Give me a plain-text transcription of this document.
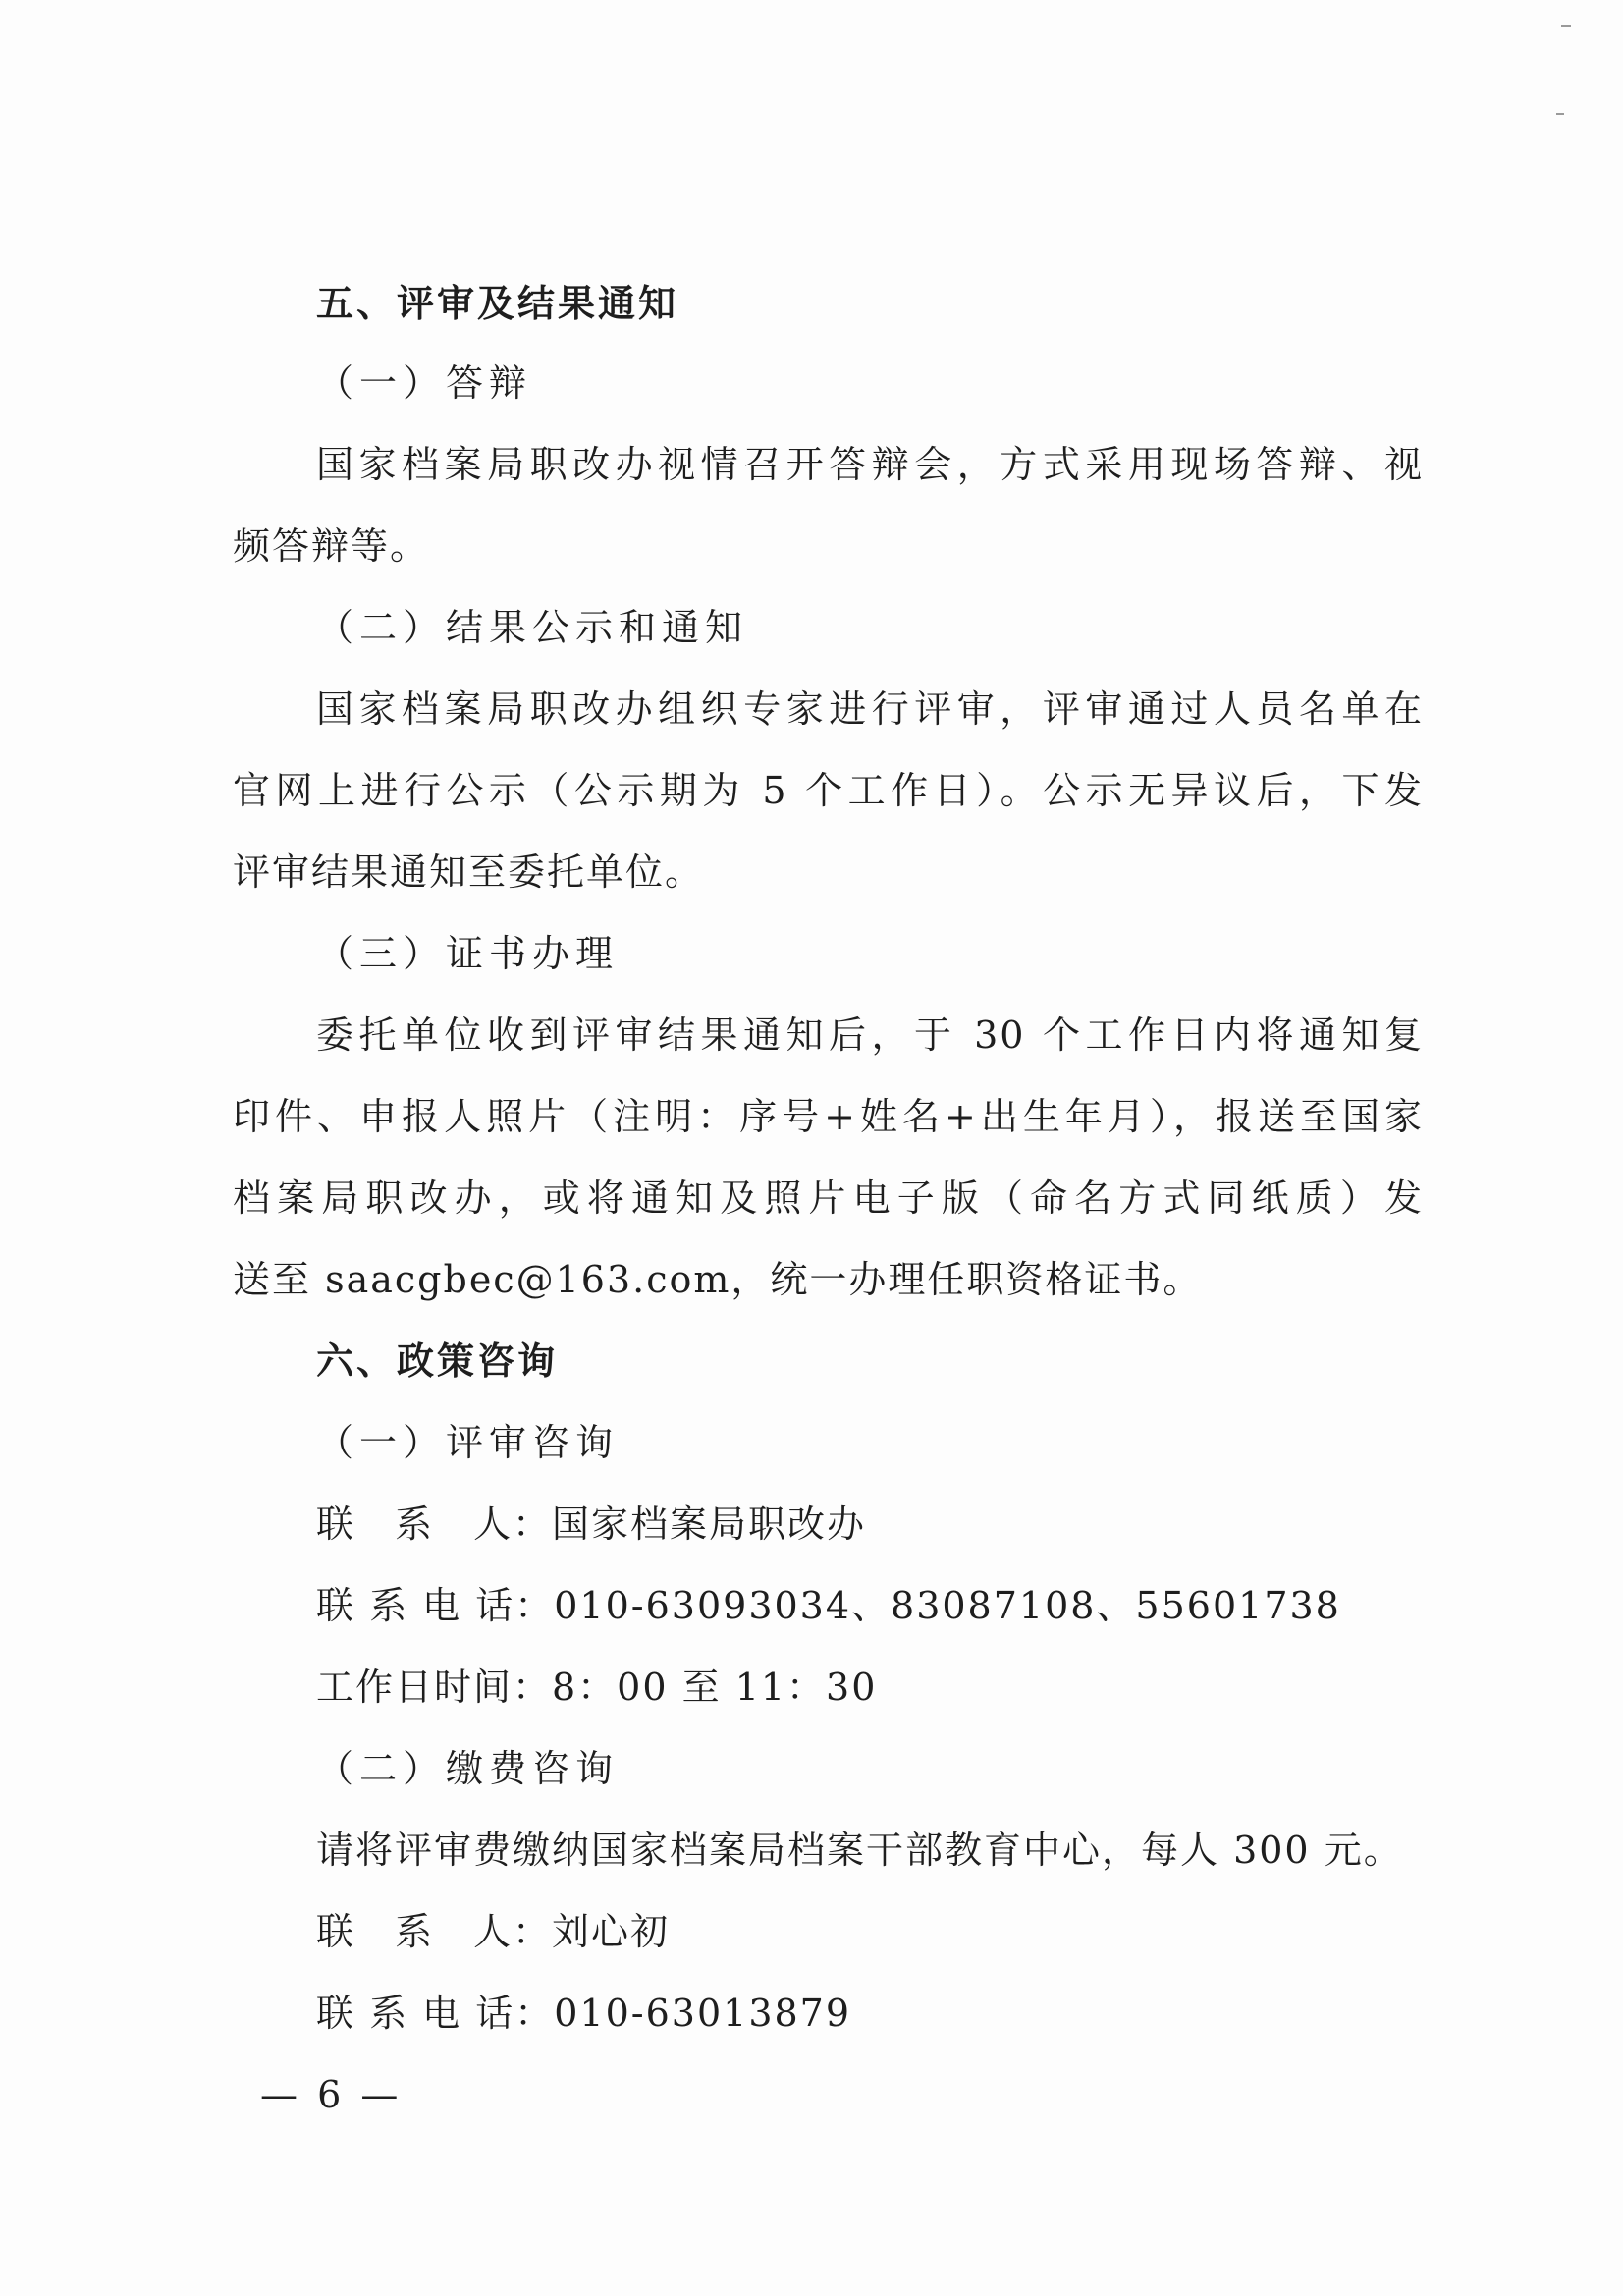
五、评审及结果通知
（一）答辩
国家档案局职改办视情召开答辩会，方式采用现场答辩、视
频答辩等。
（二）结果公示和通知
国家档案局职改办组织专家进行评审，评审通过人员名单在
官网上进行公示（公示期为 5 个工作日）。公示无异议后，下发
评审结果通知至委托单位。
（三）证书办理
委托单位收到评审结果通知后，于 30 个工作日内将通知复
印件、申报人照片（注明：序号+姓名+出生年月），报送至国家
档案局职改办，或将通知及照片电子版（命名方式同纸质）发
送至 saacgbec@163.com，统一办理任职资格证书。
六、政策咨询
（一）评审咨询
联　系　人：国家档案局职改办
联 系 电 话：010-63093034、83087108、55601738
工作日时间：8：00 至 11：30
（二）缴费咨询
请将评审费缴纳国家档案局档案干部教育中心，每人 300 元。
联　系　人：刘心初
联 系 电 话：010-63013879
— 6 —
